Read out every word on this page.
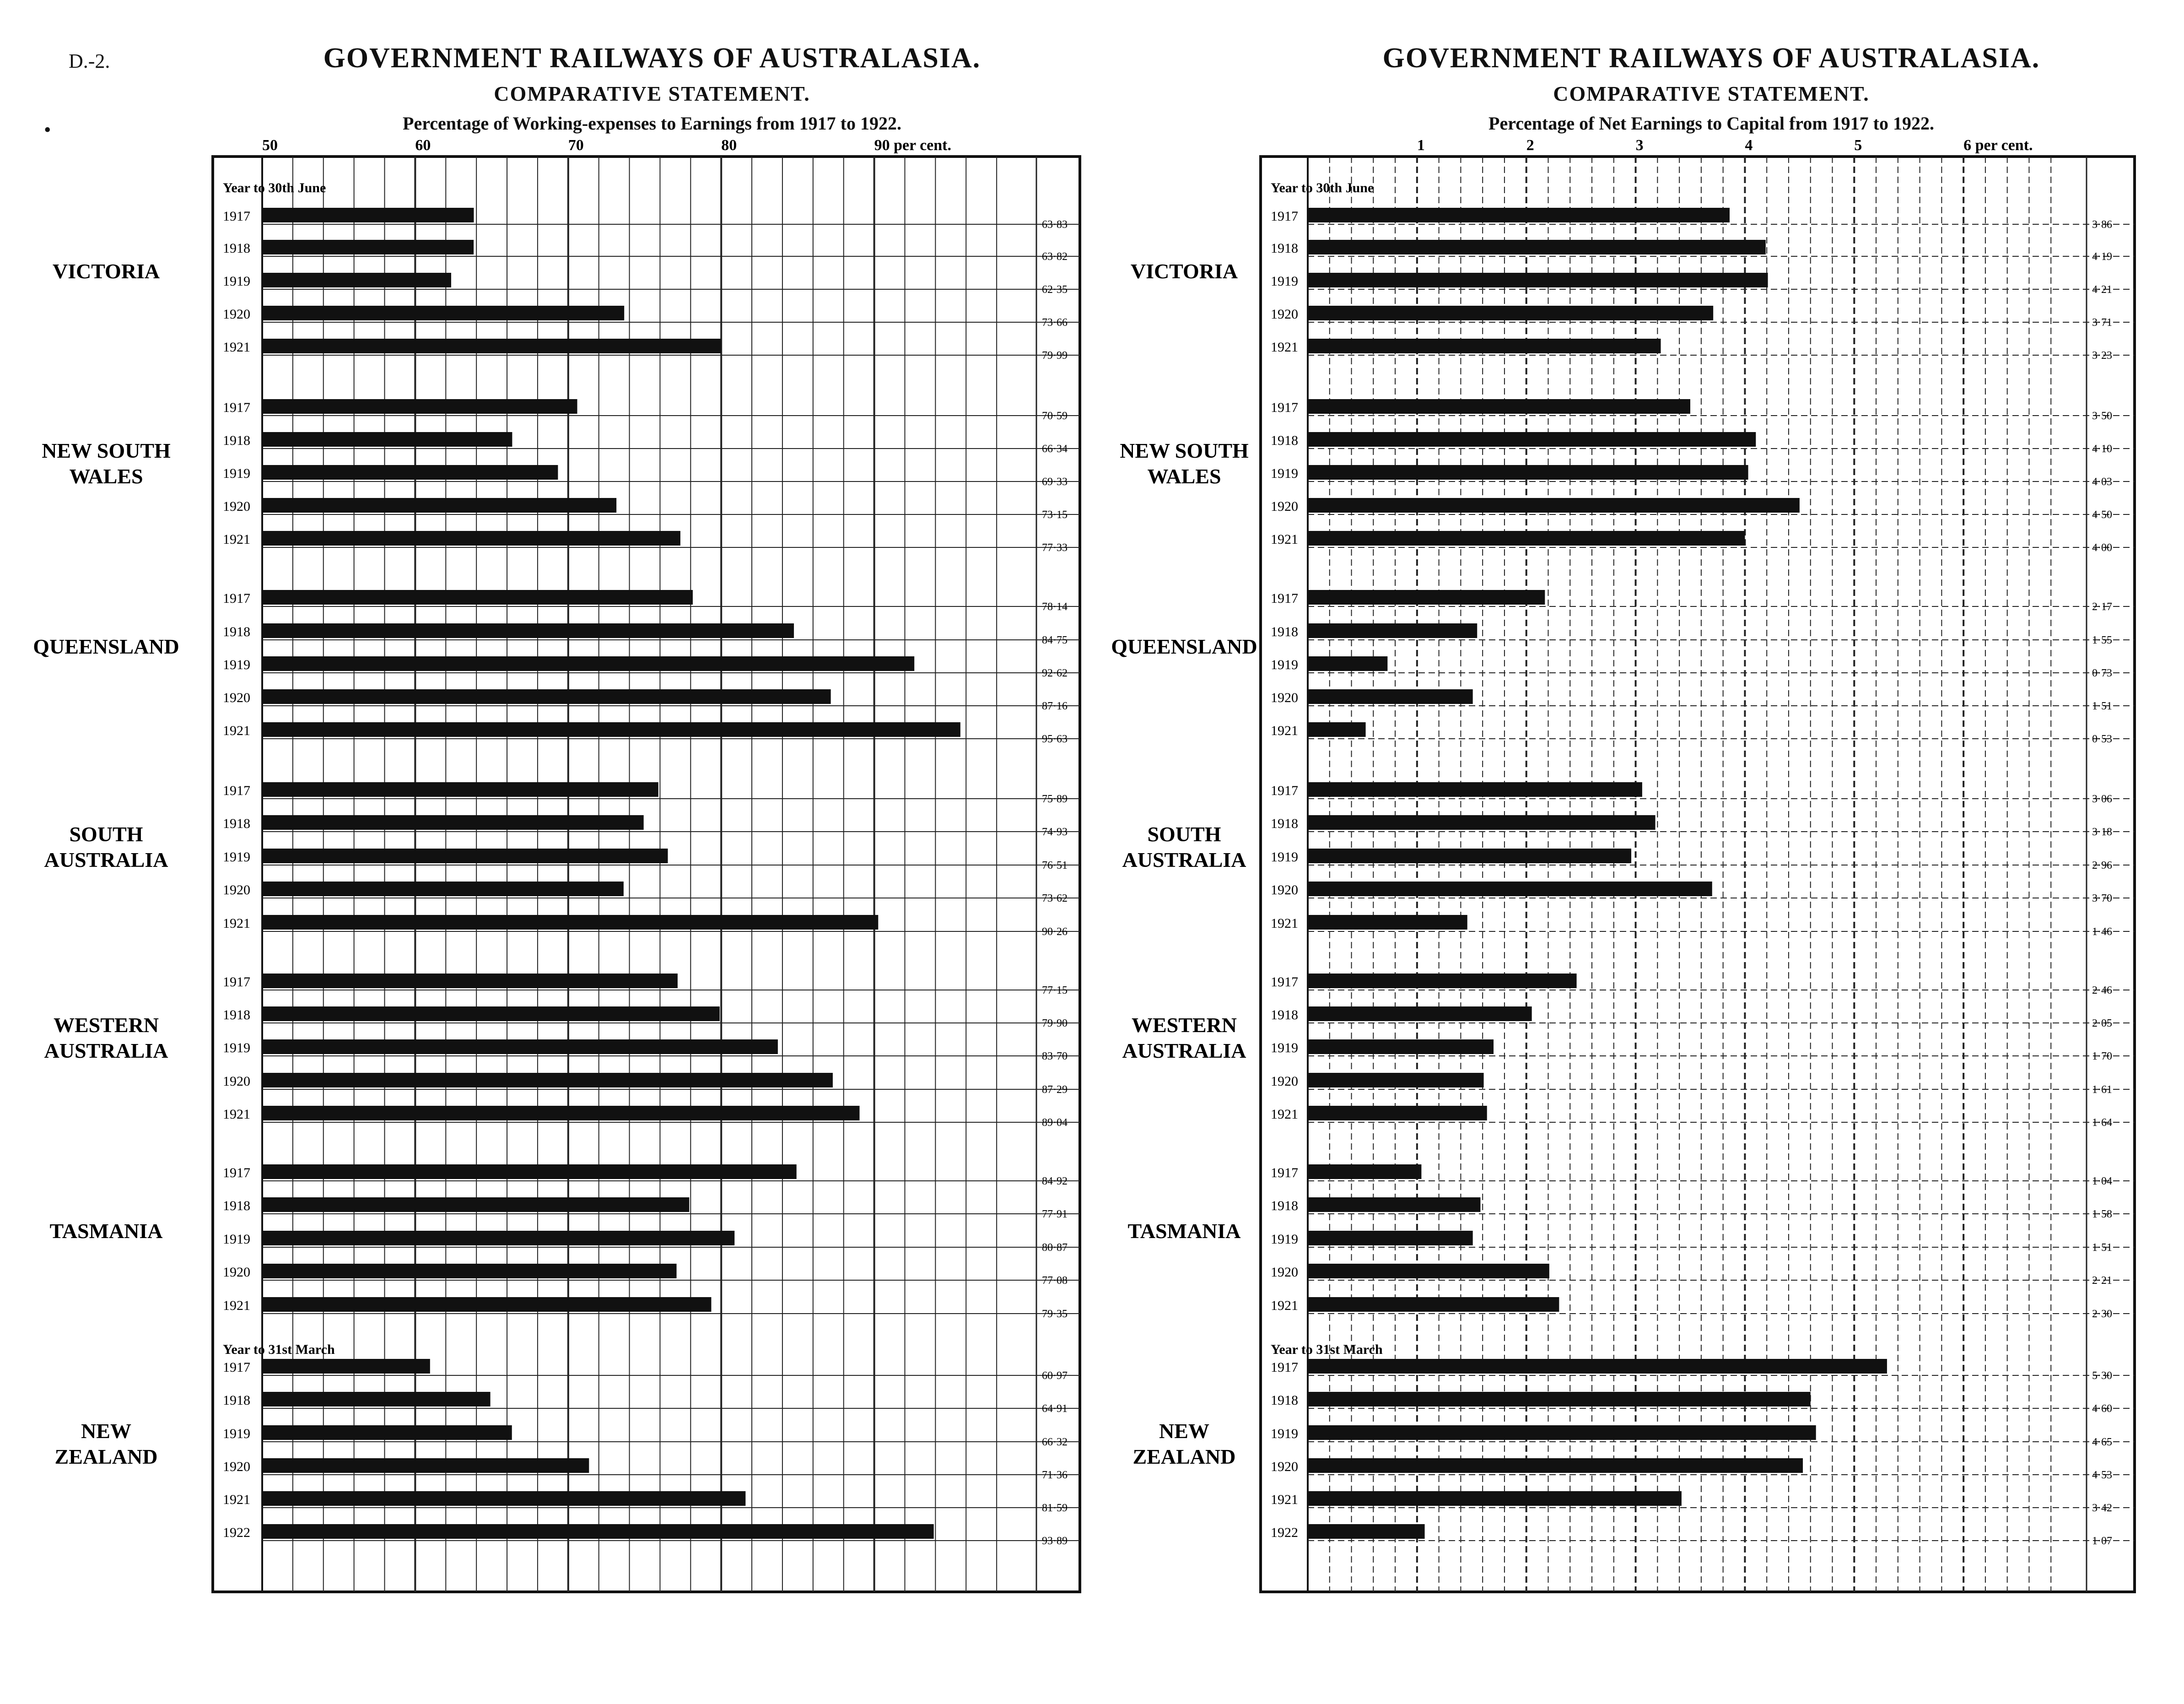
D.-2.
•
GOVERNMENT RAILWAYS OF AUSTRALASIA.
COMPARATIVE STATEMENT.
Percentage of Working-expenses to Earnings from 1917 to 1922.
GOVERNMENT RAILWAYS OF AUSTRALASIA.
COMPARATIVE STATEMENT.
Percentage of Net Earnings to Capital from 1917 to 1922.
50	60	70	80	90 per cent.
Year to 30th June
Year to 31st March
VICTORIA
1917
63·83
1918
63·82
1919
62·35
1920
73·66
1921
79·99
NEW SOUTH
WALES
1917
70·59
1918
66·34
1919
69·33
1920
73·15
1921
77·33
QUEENSLAND
1917
78·14
1918
84·75
1919
92·62
1920
87·16
1921
95·63
SOUTH
AUSTRALIA
1917
75·89
1918
74·93
1919
76·51
1920
73·62
1921
90·26
WESTERN
AUSTRALIA
1917
77·15
1918
79·90
1919
83·70
1920
87·29
1921
89·04
TASMANIA
1917
84·92
1918
77·91
1919
80·87
1920
77·08
1921
79·35
NEW
ZEALAND
1917
60·97
1918
64·91
1919
66·32
1920
71·36
1921
81·59
1922
93·89
1	2	3	4	5	6 per cent.
Year to 30th June
Year to 31st March
VICTORIA
1917
3·86
1918
4·19
1919
4·21
1920
3·71
1921
3·23
NEW SOUTH
WALES
1917
3·50
1918
4·10
1919
4·03
1920
4·50
1921
4·00
QUEENSLAND
1917
2·17
1918
1·55
1919
0·73
1920
1·51
1921
0·53
SOUTH
AUSTRALIA
1917
3·06
1918
3·18
1919
2·96
1920
3·70
1921
1·46
WESTERN
AUSTRALIA
1917
2·46
1918
2·05
1919
1·70
1920
1·61
1921
1·64
TASMANIA
1917
1·04
1918
1·58
1919
1·51
1920
2·21
1921
2·30
NEW
ZEALAND
1917
5·30
1918
4·60
1919
4·65
1920
4·53
1921
3·42
1922
1·07
